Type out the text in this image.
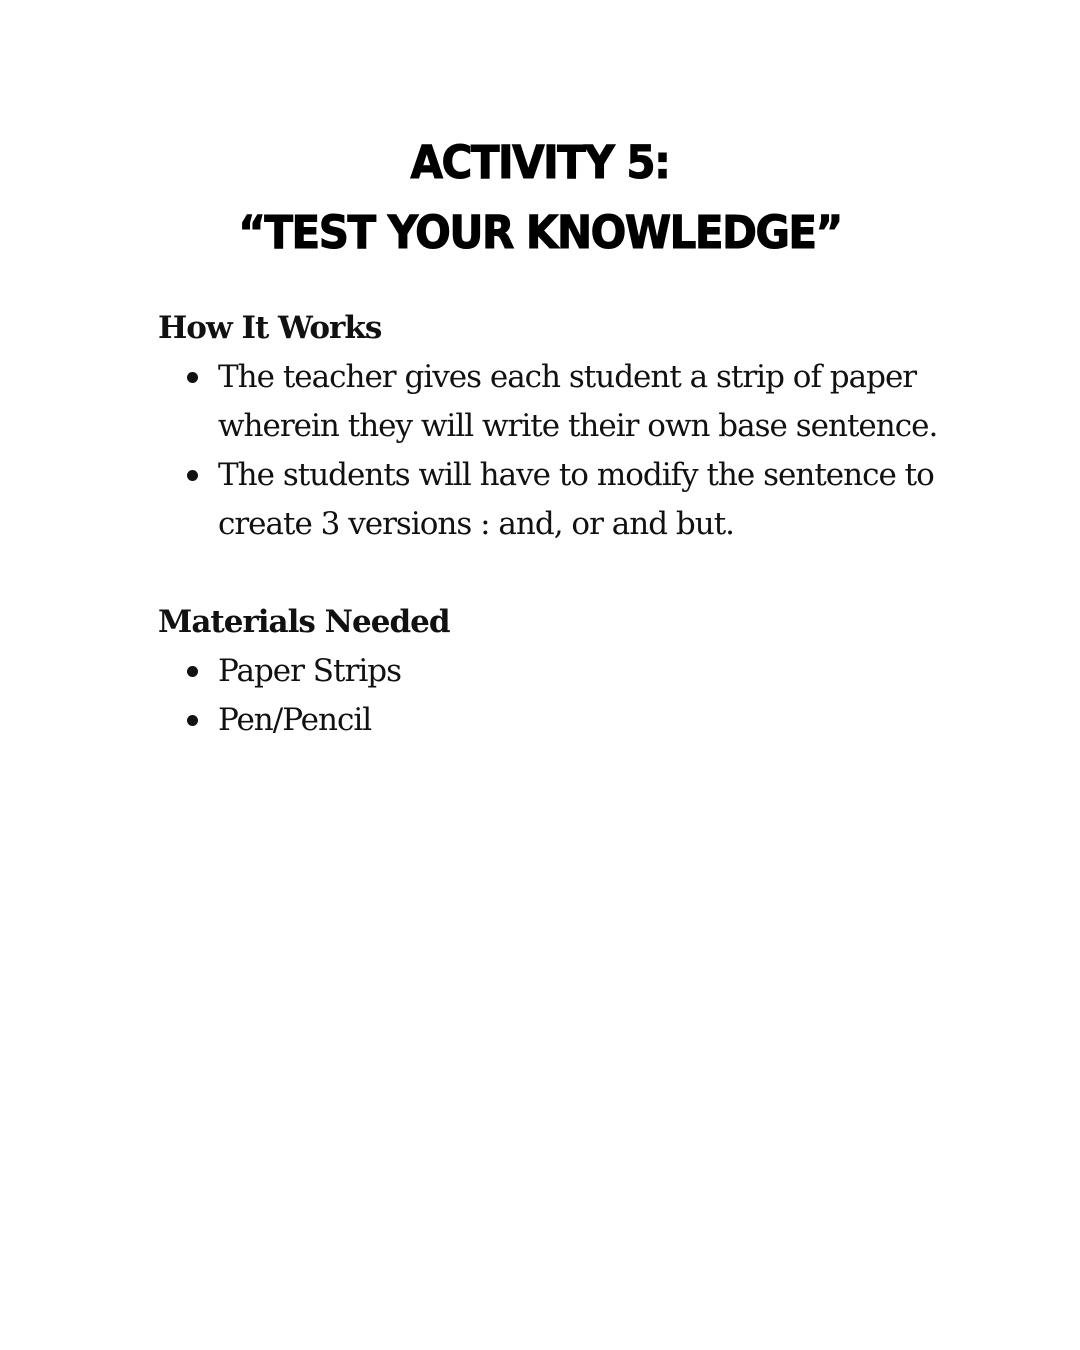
ACTIVITY 5:
“TEST YOUR KNOWLEDGE”
How It Works
The teacher gives each student a strip of paper wherein they will write their own base sentence.
The students will have to modify the sentence to create 3 versions : and, or and but.
Materials Needed
Paper Strips
Pen/Pencil
